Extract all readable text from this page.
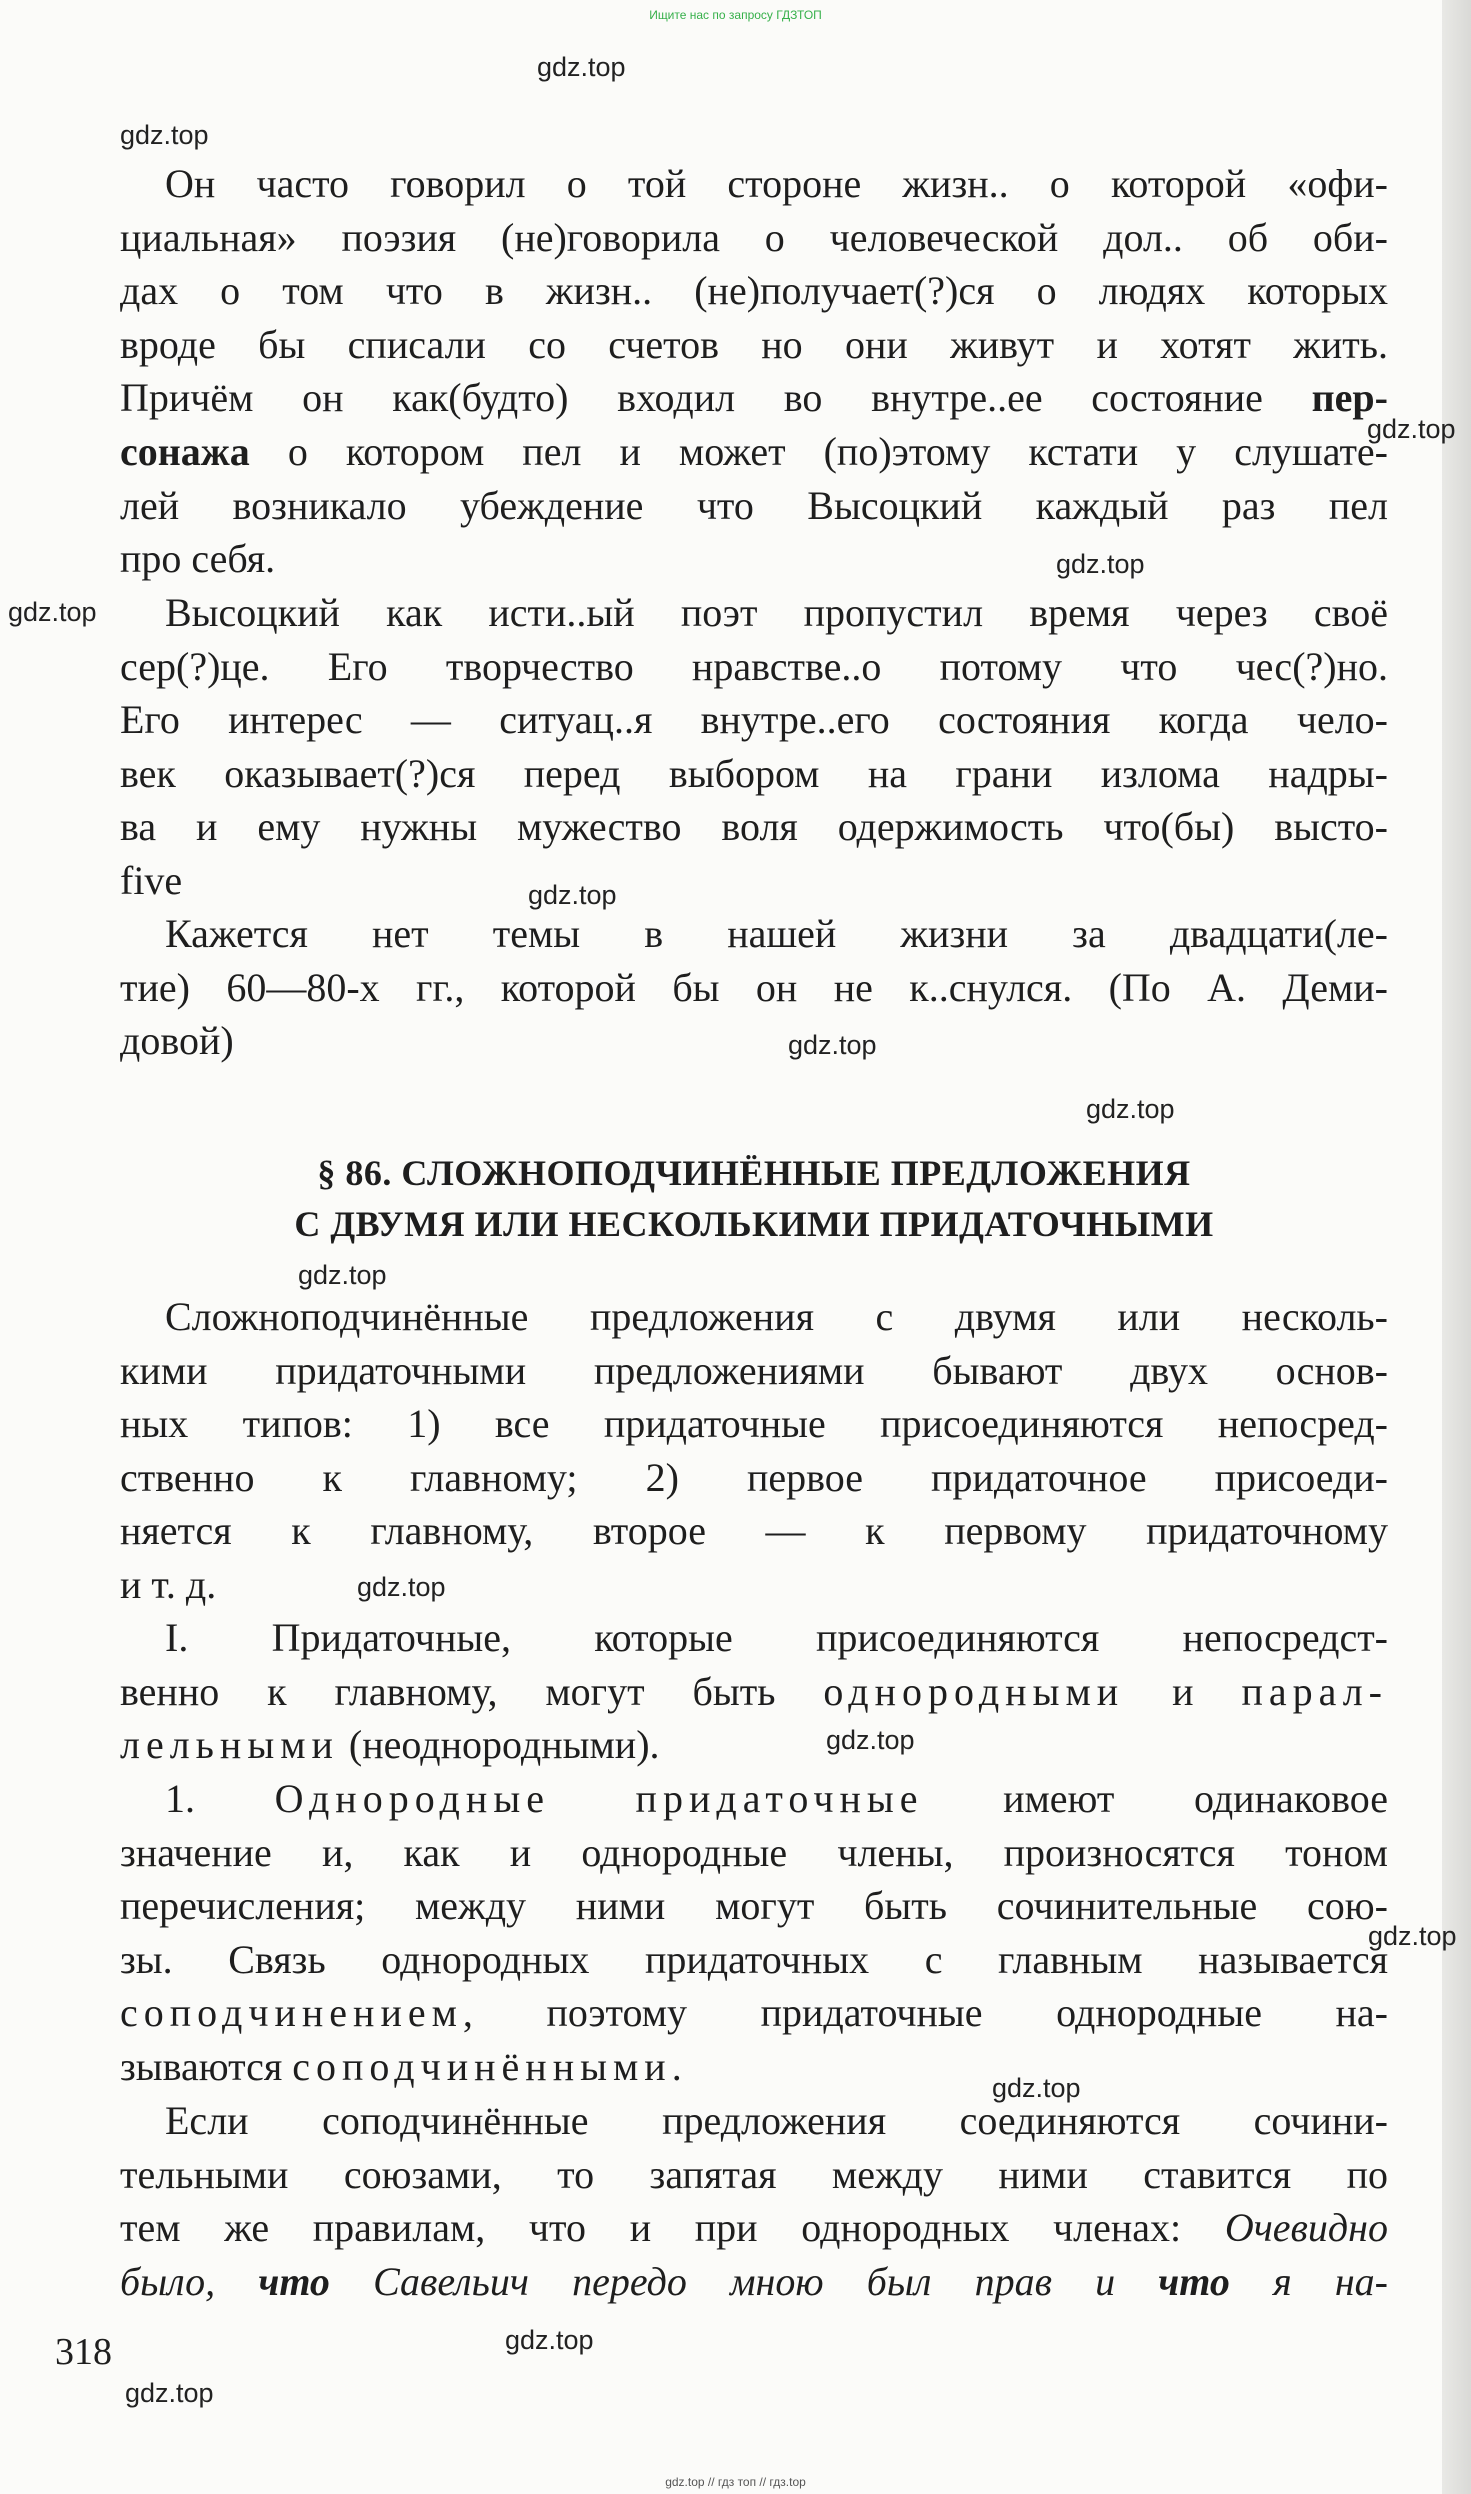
Ищите нас по запросу ГДЗТОП
gdz.top
gdz.top
gdz.top
gdz.top
gdz.top
gdz.top
gdz.top
gdz.top
gdz.top
gdz.top
gdz.top
gdz.top
gdz.top
gdz.top
gdz.top
Он часто говорил о той стороне жизн.. о которой «офи-
циальная» поэзия (не)говорила о человеческой дол.. об оби-
дах о том что в жизн.. (не)получает(?)ся о людях которых
вроде бы списали со счетов но они живут и хотят жить.
Причём он как(будто) входил во внутре..ее состояние пер-
сонажа о котором пел и может (по)этому кстати у слушате-
лей возникало убеждение что Высоцкий каждый раз пел
про себя.
Высоцкий как исти..ый поэт пропустил время через своё
сер(?)це. Его творчество нравстве..о потому что чес(?)но.
Его интерес — ситуац..я внутре..его состояния когда чело-
век оказывает(?)ся перед выбором на грани излома надры-
ва и ему нужны мужество воля одержимость что(бы) высто-
five
Кажется нет темы в нашей жизни за двадцати(ле-
тие) 60—80-х гг., которой бы он не к..снулся. (По А. Деми-
довой)
§ 86. СЛОЖНОПОДЧИНЁННЫЕ ПРЕДЛОЖЕНИЯ
С ДВУМЯ ИЛИ НЕСКОЛЬКИМИ ПРИДАТОЧНЫМИ
Сложноподчинённые предложения с двумя или несколь-
кими придаточными предложениями бывают двух основ-
ных типов: 1) все придаточные присоединяются непосред-
ственно к главному; 2) первое придаточное присоеди-
няется к главному, второе — к первому придаточному
и т. д.
I. Придаточные, которые присоединяются непосредст-
венно к главному, могут быть однородными и парал-
лельными (неоднородными).
1. Однородные придаточные имеют одинаковое
значение и, как и однородные члены, произносятся тоном
перечисления; между ними могут быть сочинительные сою-
зы. Связь однородных придаточных с главным называется
соподчинением, поэтому придаточные однородные на-
зываются соподчинёнными.
Если соподчинённые предложения соединяются сочини-
тельными союзами, то запятая между ними ставится по
тем же правилам, что и при однородных членах: Очевидно
было, что Савельич передо мною был прав и что я на-
318
gdz.top // гдз топ // гдз.top
